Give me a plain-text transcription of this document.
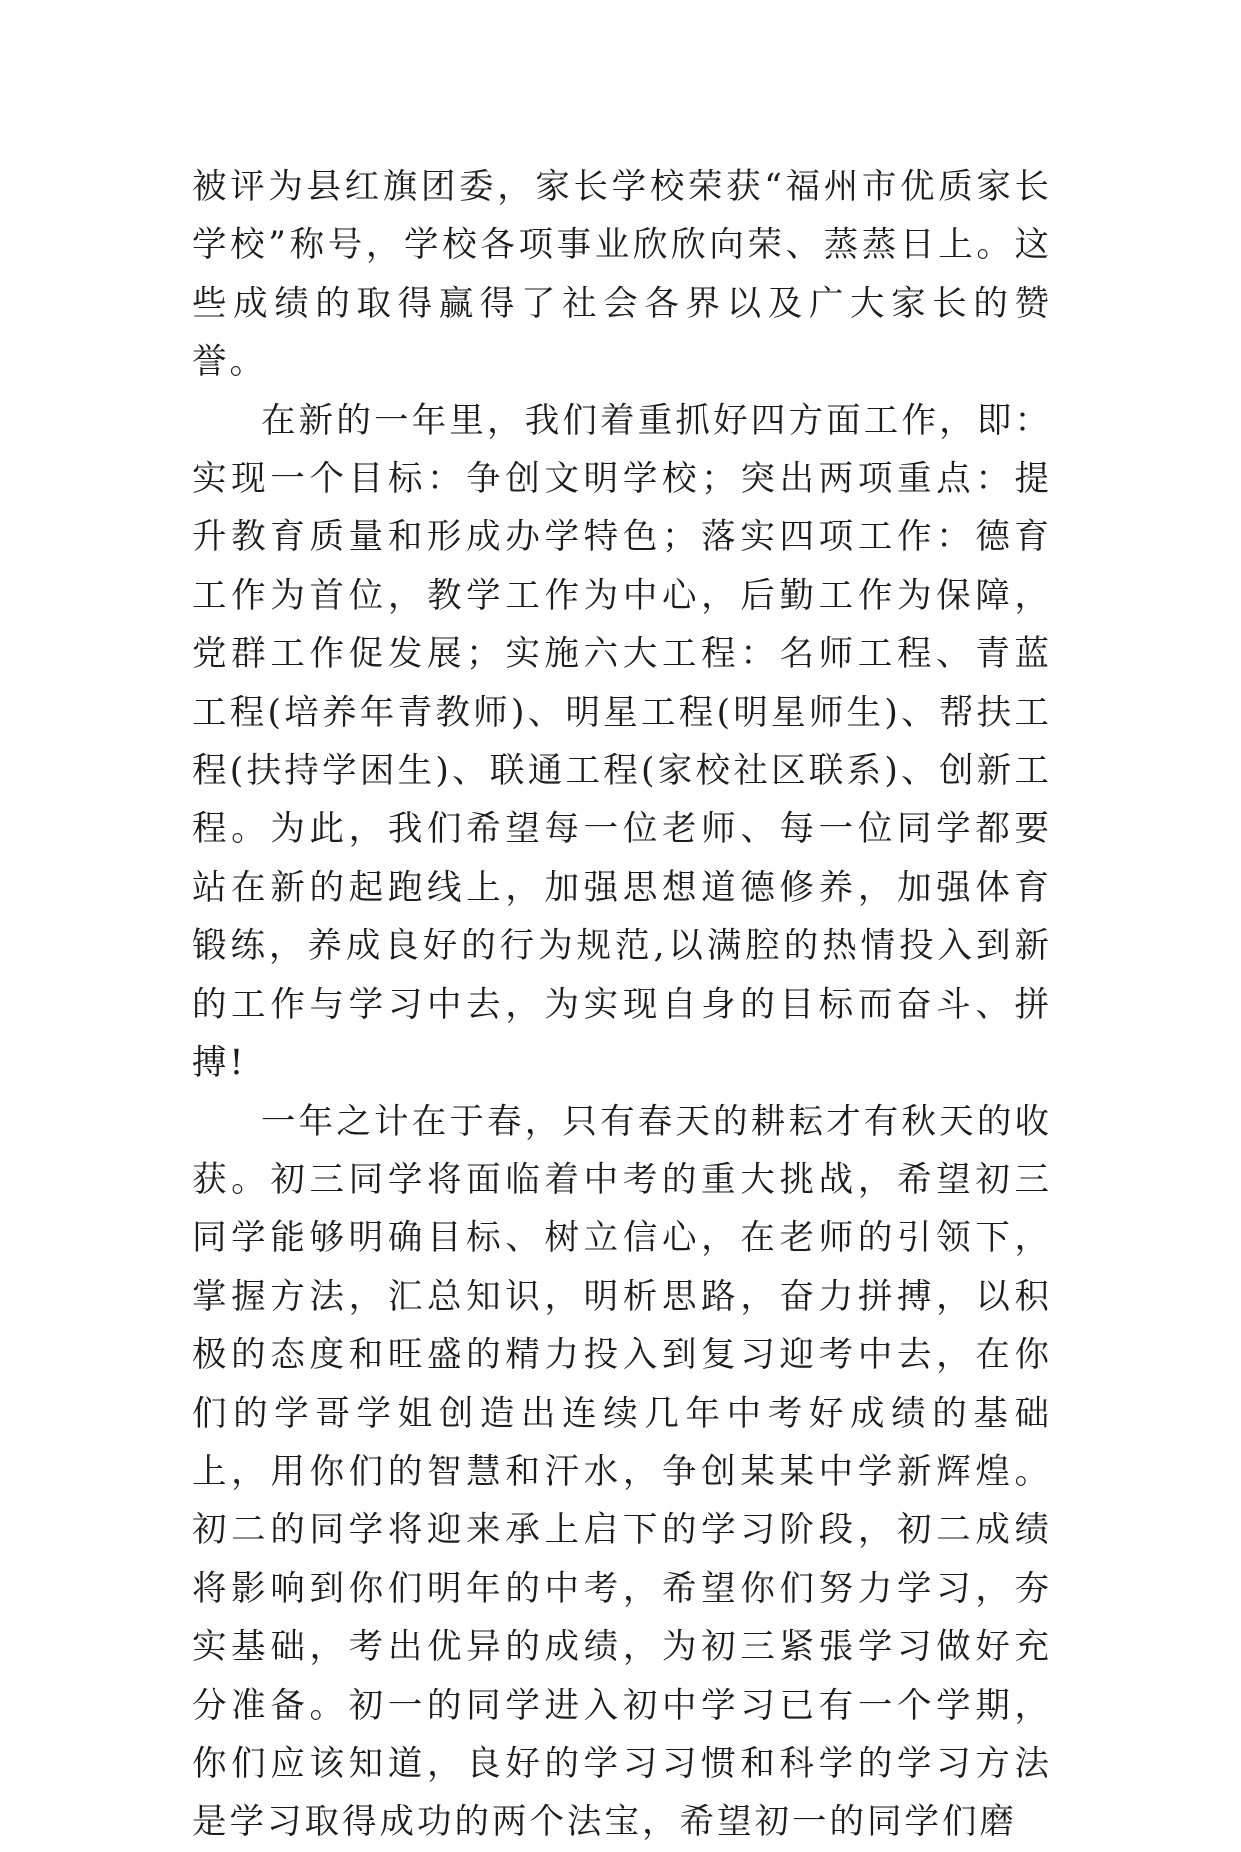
被评为县红旗团委，家长学校荣获“福州市优质家长学校”称号，学校各项事业欣欣向荣、蒸蒸日上。这些成绩的取得赢得了社会各界以及广大家长的赞誉。

在新的一年里，我们着重抓好四方面工作，即：实现一个目标：争创文明学校；突出两项重点：提升教育质量和形成办学特色；落实四项工作：德育工作为首位，教学工作为中心，后勤工作为保障，党群工作促发展；实施六大工程：名师工程、青蓝工程(培养年青教师)、明星工程(明星师生)、帮扶工程(扶持学困生)、联通工程(家校社区联系)、创新工程。为此，我们希望每一位老师、每一位同学都要站在新的起跑线上，加强思想道德修养，加强体育锻练，养成良好的行为规范,以满腔的热情投入到新的工作与学习中去，为实现自身的目标而奋斗、拼搏!

一年之计在于春，只有春天的耕耘才有秋天的收获。初三同学将面临着中考的重大挑战，希望初三同学能够明确目标、树立信心，在老师的引领下，掌握方法，汇总知识，明析思路，奋力拼搏，以积极的态度和旺盛的精力投入到复习迎考中去，在你们的学哥学姐创造出连续几年中考好成绩的基础上，用你们的智慧和汗水，争创某某中学新辉煌。初二的同学将迎来承上启下的学习阶段，初二成绩将影响到你们明年的中考，希望你们努力学习，夯实基础，考出优异的成绩，为初三紧張学习做好充分准备。初一的同学进入初中学习已有一个学期，你们应该知道，良好的学习习惯和科学的学习方法是学习取得成功的两个法宝，希望初一的同学们磨
